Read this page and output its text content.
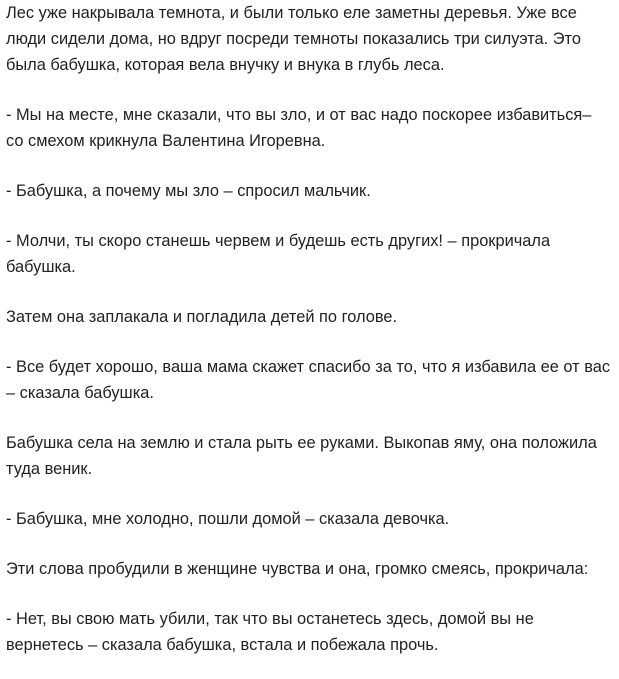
Лес уже накрывала темнота, и были только еле заметны деревья. Уже все люди сидели дома, но вдруг посреди темноты показались три силуэта. Это была бабушка, которая вела внучку и внука в глубь леса.

- Мы на месте, мне сказали, что вы зло, и от вас надо поскорее избавиться– со смехом крикнула Валентина Игоревна.

- Бабушка, а почему мы зло – спросил мальчик.

- Молчи, ты скоро станешь червем и будешь есть других! – прокричала бабушка.

Затем она заплакала и погладила детей по голове.

- Все будет хорошо, ваша мама скажет спасибо за то, что я избавила ее от вас – сказала бабушка.

Бабушка села на землю и стала рыть ее руками. Выкопав яму, она положила туда веник.

- Бабушка, мне холодно, пошли домой – сказала девочка.

Эти слова пробудили в женщине чувства и она, громко смеясь, прокричала:

- Нет, вы свою мать убили, так что вы останетесь здесь, домой вы не вернетесь – сказала бабушка, встала и побежала прочь.
